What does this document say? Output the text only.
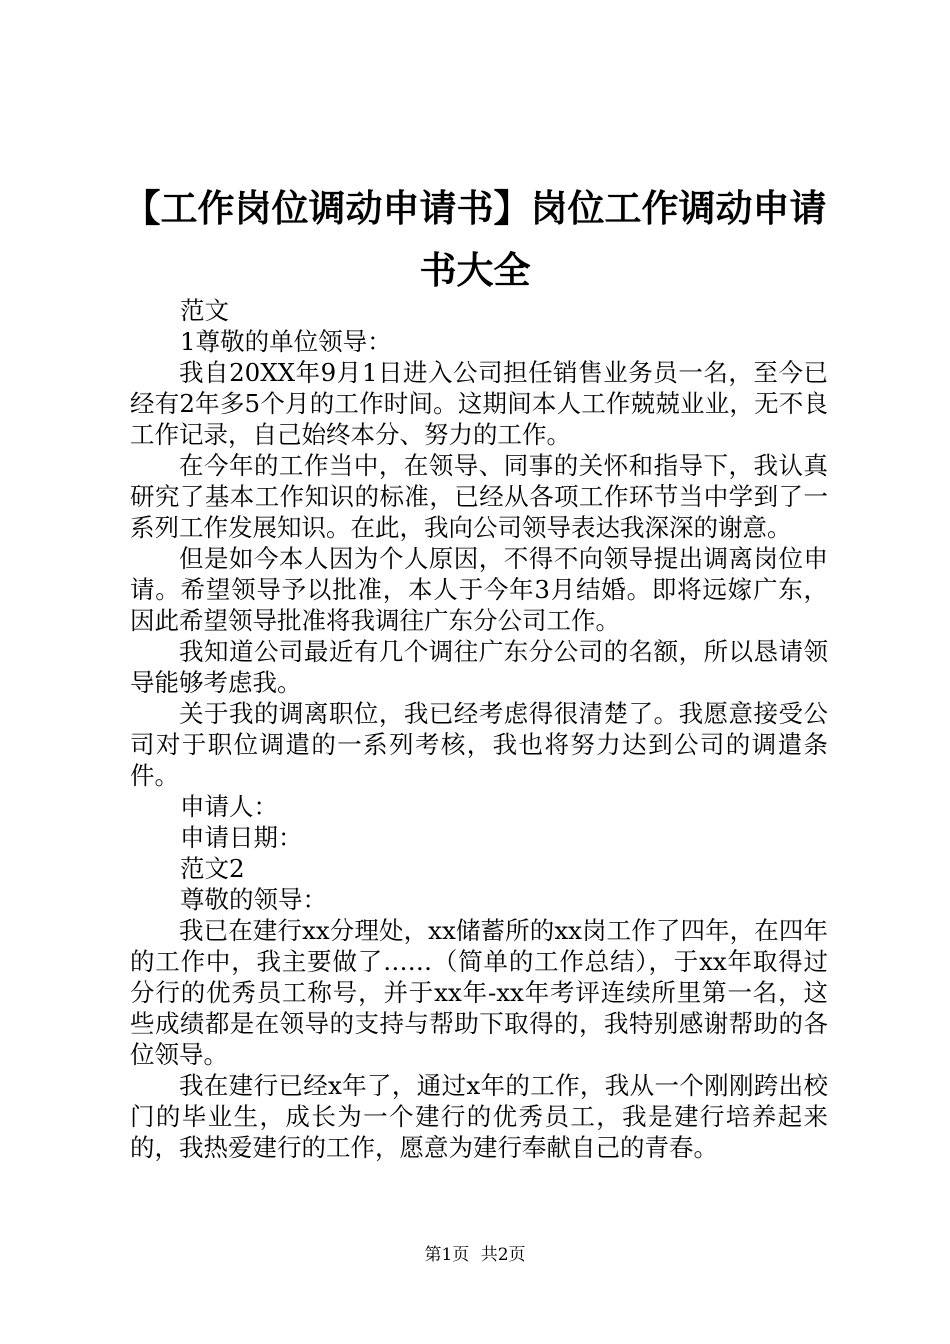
【工作岗位调动申请书】岗位工作调动申请书大全

范文

1尊敬的单位领导：

我自20XX年9月1日进入公司担任销售业务员一名，至今已经有2年多5个月的工作时间。这期间本人工作兢兢业业，无不良工作记录，自己始终本分、努力的工作。

在今年的工作当中，在领导、同事的关怀和指导下，我认真研究了基本工作知识的标准，已经从各项工作环节当中学到了一系列工作发展知识。在此，我向公司领导表达我深深的谢意。

但是如今本人因为个人原因，不得不向领导提出调离岗位申请。希望领导予以批准，本人于今年3月结婚。即将远嫁广东，因此希望领导批准将我调往广东分公司工作。

我知道公司最近有几个调往广东分公司的名额，所以恳请领导能够考虑我。

关于我的调离职位，我已经考虑得很清楚了。我愿意接受公司对于职位调遣的一系列考核，我也将努力达到公司的调遣条件。

申请人：

申请日期：

范文2

尊敬的领导：

我已在建行xx分理处，xx储蓄所的xx岗工作了四年，在四年的工作中，我主要做了……（简单的工作总结），于xx年取得过分行的优秀员工称号，并于xx年-xx年考评连续所里第一名，这些成绩都是在领导的支持与帮助下取得的，我特别感谢帮助的各位领导。

我在建行已经x年了，通过x年的工作，我从一个刚刚跨出校门的毕业生，成长为一个建行的优秀员工，我是建行培养起来的，我热爱建行的工作，愿意为建行奉献自己的青春。

第1页 共2页
